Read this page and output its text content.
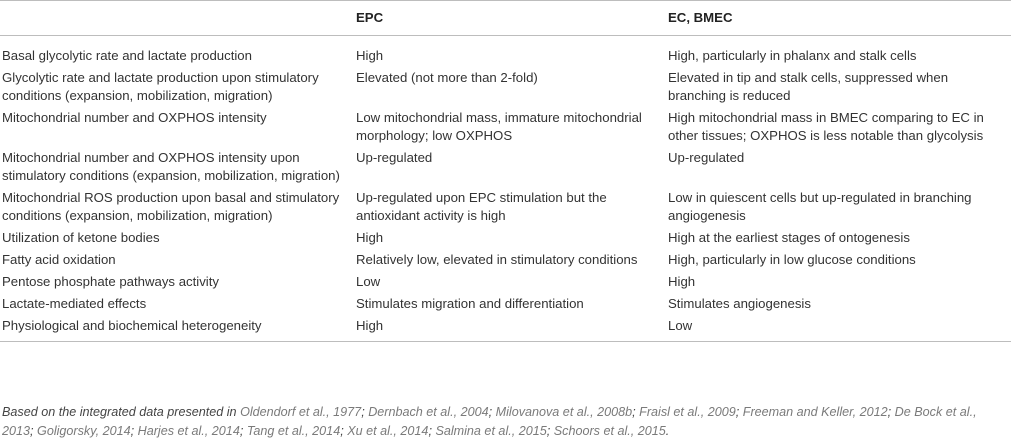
	EPC	EC, BMEC
Basal glycolytic rate and lactate production	High	High, particularly in phalanx and stalk cells
Glycolytic rate and lactate production upon stimulatory conditions (expansion, mobilization, migration)	Elevated (not more than 2-fold)	Elevated in tip and stalk cells, suppressed when branching is reduced
Mitochondrial number and OXPHOS intensity	Low mitochondrial mass, immature mitochondrial morphology; low OXPHOS	High mitochondrial mass in BMEC comparing to EC in other tissues; OXPHOS is less notable than glycolysis
Mitochondrial number and OXPHOS intensity upon stimulatory conditions (expansion, mobilization, migration)	Up-regulated	Up-regulated
Mitochondrial ROS production upon basal and stimulatory conditions (expansion, mobilization, migration)	Up-regulated upon EPC stimulation but the antioxidant activity is high	Low in quiescent cells but up-regulated in branching angiogenesis
Utilization of ketone bodies	High	High at the earliest stages of ontogenesis
Fatty acid oxidation	Relatively low, elevated in stimulatory conditions	High, particularly in low glucose conditions
Pentose phosphate pathways activity	Low	High
Lactate-mediated effects	Stimulates migration and differentiation	Stimulates angiogenesis
Physiological and biochemical heterogeneity	High	Low
Based on the integrated data presented in Oldendorf et al., 1977; Dernbach et al., 2004; Milovanova et al., 2008b; Fraisl et al., 2009; Freeman and Keller, 2012; De Bock et al., 2013; Goligorsky, 2014; Harjes et al., 2014; Tang et al., 2014; Xu et al., 2014; Salmina et al., 2015; Schoors et al., 2015.
